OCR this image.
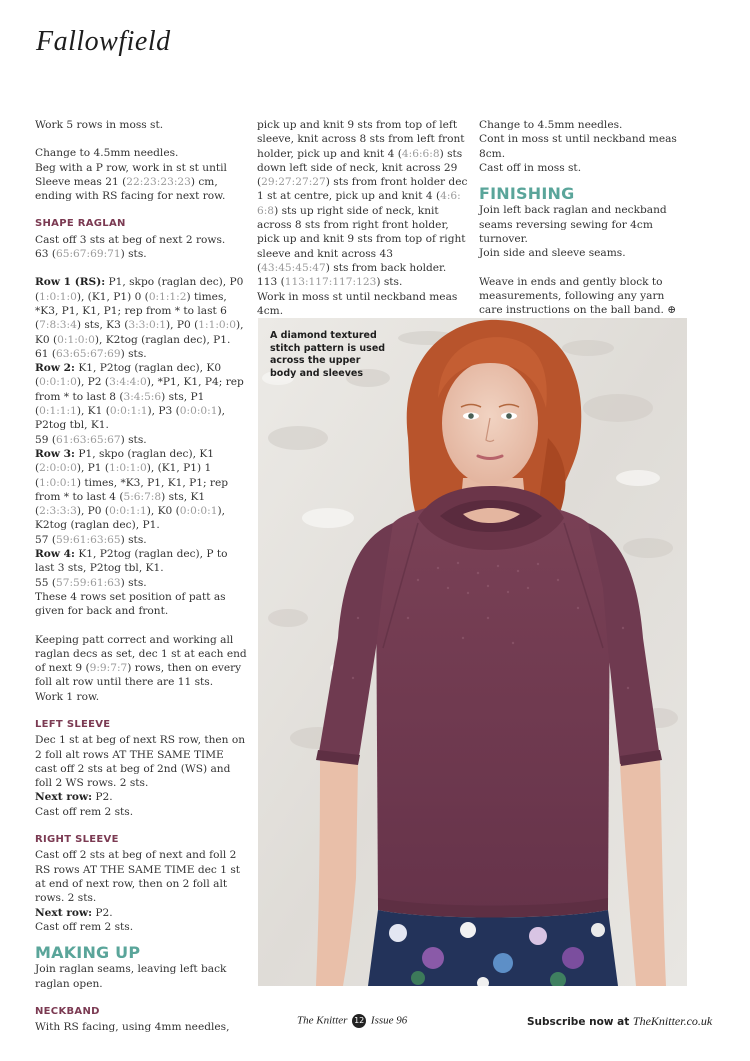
Fallowfield

Work 5 rows in moss st.

Change to 4.5mm needles.

Beg with a P row, work in st st until Sleeve meas 21 (22:23:23:23) cm, ending with RS facing for next row.

SHAPE RAGLAN

Cast off 3 sts at beg of next 2 rows.

63 (65:67:69:71) sts.

Row 1 (RS): P1, skpo (raglan dec), P0 (1:0:1:0), (K1, P1) 0 (0:1:1:2) times, *K3, P1, K1, P1; rep from * to last 6 (7:8:3:4) sts, K3 (3:3:0:1), P0 (1:1:0:0), K0 (0:1:0:0), K2tog (raglan dec), P1.

61 (63:65:67:69) sts.

Row 2: K1, P2tog (raglan dec), K0 (0:0:1:0), P2 (3:4:4:0), *P1, K1, P4; rep from * to last 8 (3:4:5:6) sts, P1 (0:1:1:1), K1 (0:0:1:1), P3 (0:0:0:1), P2tog tbl, K1.

59 (61:63:65:67) sts.

Row 3: P1, skpo (raglan dec), K1 (2:0:0:0), P1 (1:0:1:0), (K1, P1) 1 (1:0:0:1) times, *K3, P1, K1, P1; rep from * to last 4 (5:6:7:8) sts, K1 (2:3:3:3), P0 (0:0:1:1), K0 (0:0:0:1), K2tog (raglan dec), P1.

57 (59:61:63:65) sts.

Row 4: K1, P2tog (raglan dec), P to last 3 sts, P2tog tbl, K1.

55 (57:59:61:63) sts.

These 4 rows set position of patt as given for back and front.

Keeping patt correct and working all raglan decs as set, dec 1 st at each end of next 9 (9:9:7:7) rows, then on every foll alt row until there are 11 sts.

Work 1 row.

LEFT SLEEVE

Dec 1 st at beg of next RS row, then on 2 foll alt rows AT THE SAME TIME cast off 2 sts at beg of 2nd (WS) and foll 2 WS rows. 2 sts.

Next row: P2.

Cast off rem 2 sts.

RIGHT SLEEVE

Cast off 2 sts at beg of next and foll 2 RS rows AT THE SAME TIME dec 1 st at end of next row, then on 2 foll alt rows. 2 sts.

Next row: P2.

Cast off rem 2 sts.

MAKING UP

Join raglan seams, leaving left back raglan open.

NECKBAND

With RS facing, using 4mm needles,

pick up and knit 9 sts from top of left sleeve, knit across 8 sts from left front holder, pick up and knit 4 (4:6:6:8) sts down left side of neck, knit across 29 (29:27:27:27) sts from front holder dec 1 st at centre, pick up and knit 4 (4:6: 6:8) sts up right side of neck, knit across 8 sts from right front holder, pick up and knit 9 sts from top of right sleeve and knit across 43 (43:45:45:47) sts from back holder.

113 (113:117:117:123) sts.

Work in moss st until neckband meas 4cm.

Change to 4.5mm needles.

Cont in moss st until neckband meas 8cm.

Cast off in moss st.

FINISHING

Join left back raglan and neckband seams reversing sewing for 4cm turnover.

Join side and sleeve seams.

Weave in ends and gently block to measurements, following any yarn care instructions on the ball band. ⊕

A diamond textured stitch pattern is used across the upper body and sleeves
The Knitter 12 Issue 96	Subscribe now at TheKnitter.co.uk
